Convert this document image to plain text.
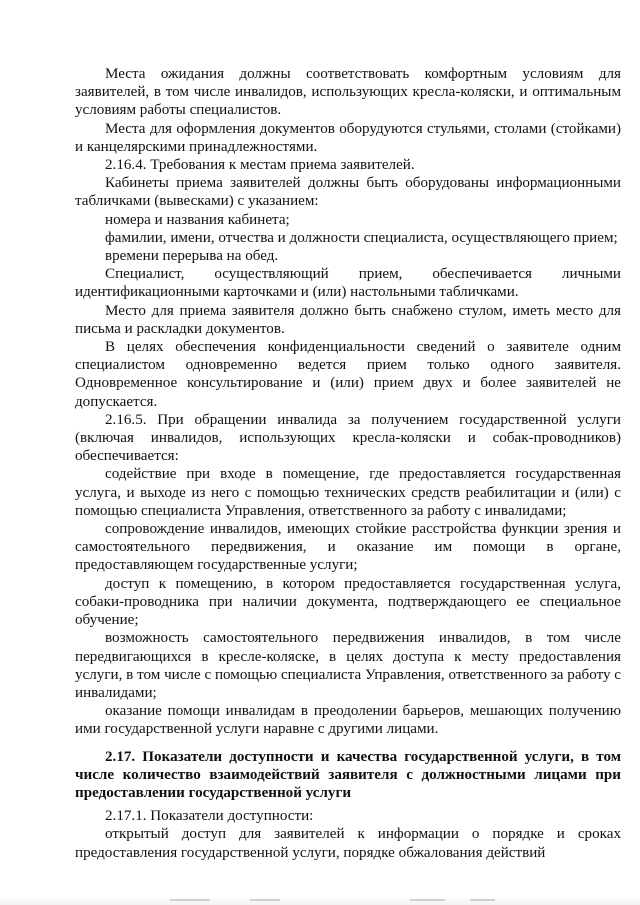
Места ожидания должны соответствовать комфортным условиям для заявителей, в том числе инвалидов, использующих кресла-коляски, и оптимальным условиям работы специалистов.

Места для оформления документов оборудуются стульями, столами (стойками) и канцелярскими принадлежностями.

2.16.4. Требования к местам приема заявителей.

Кабинеты приема заявителей должны быть оборудованы информационными табличками (вывесками) с указанием:

номера и названия кабинета;

фамилии, имени, отчества и должности специалиста, осуществляющего прием;

времени перерыва на обед.

Специалист, осуществляющий прием, обеспечивается личными идентификационными карточками и (или) настольными табличками.

Место для приема заявителя должно быть снабжено стулом, иметь место для письма и раскладки документов.

В целях обеспечения конфиденциальности сведений о заявителе одним специалистом одновременно ведется прием только одного заявителя. Одновременное консультирование и (или) прием двух и более заявителей не допускается.

2.16.5. При обращении инвалида за получением государственной услуги (включая инвалидов, использующих кресла-коляски и собак-проводников) обеспечивается:

содействие при входе в помещение, где предоставляется государственная услуга, и выходе из него с помощью технических средств реабилитации и (или) с помощью специалиста Управления, ответственного за работу с инвалидами;

сопровождение инвалидов, имеющих стойкие расстройства функции зрения и самостоятельного передвижения, и оказание им помощи в органе, предоставляющем государственные услуги;

доступ к помещению, в котором предоставляется государственная услуга, собаки-проводника при наличии документа, подтверждающего ее специальное обучение;

возможность самостоятельного передвижения инвалидов, в том числе передвигающихся в кресле-коляске, в целях доступа к месту предоставления услуги, в том числе с помощью специалиста Управления, ответственного за работу с инвалидами;

оказание помощи инвалидам в преодолении барьеров, мешающих получению ими государственной услуги наравне с другими лицами.

2.17. Показатели доступности и качества государственной услуги, в том числе количество взаимодействий заявителя с должностными лицами при предоставлении государственной услуги

2.17.1. Показатели доступности:

открытый доступ для заявителей к информации о порядке и сроках предоставления государственной услуги, порядке обжалования действий
